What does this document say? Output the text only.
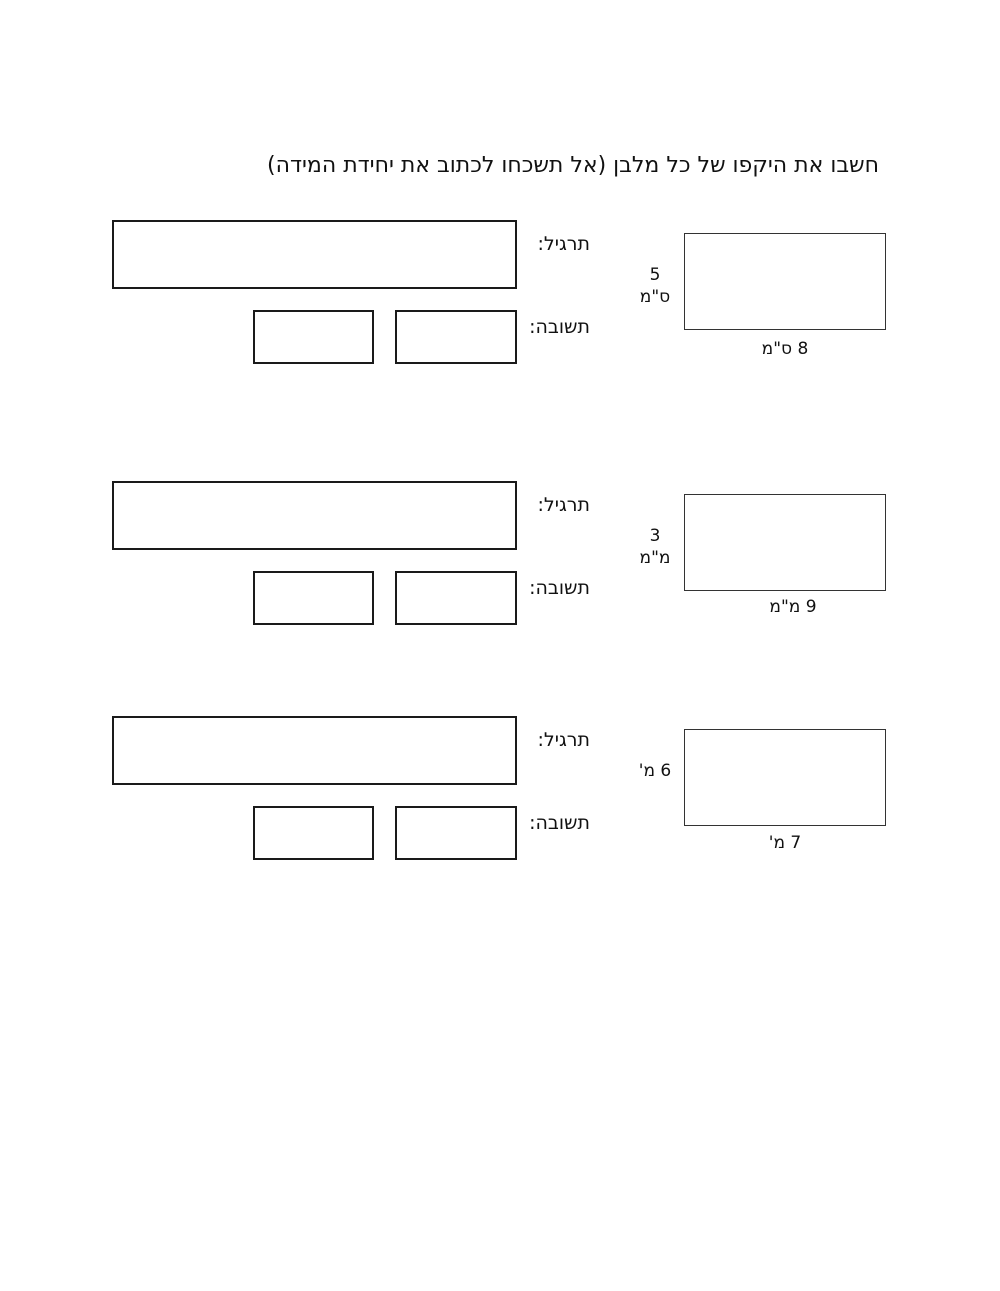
חשבו את היקפו של כל מלבן (אל תשכחו לכתוב את יחידת המידה)
5
ס"מ
8 ס"מ
תרגיל:
תשובה:
3
מ"מ
9 מ"מ
תרגיל:
תשובה:
6 מ'
7 מ'
תרגיל:
תשובה:
